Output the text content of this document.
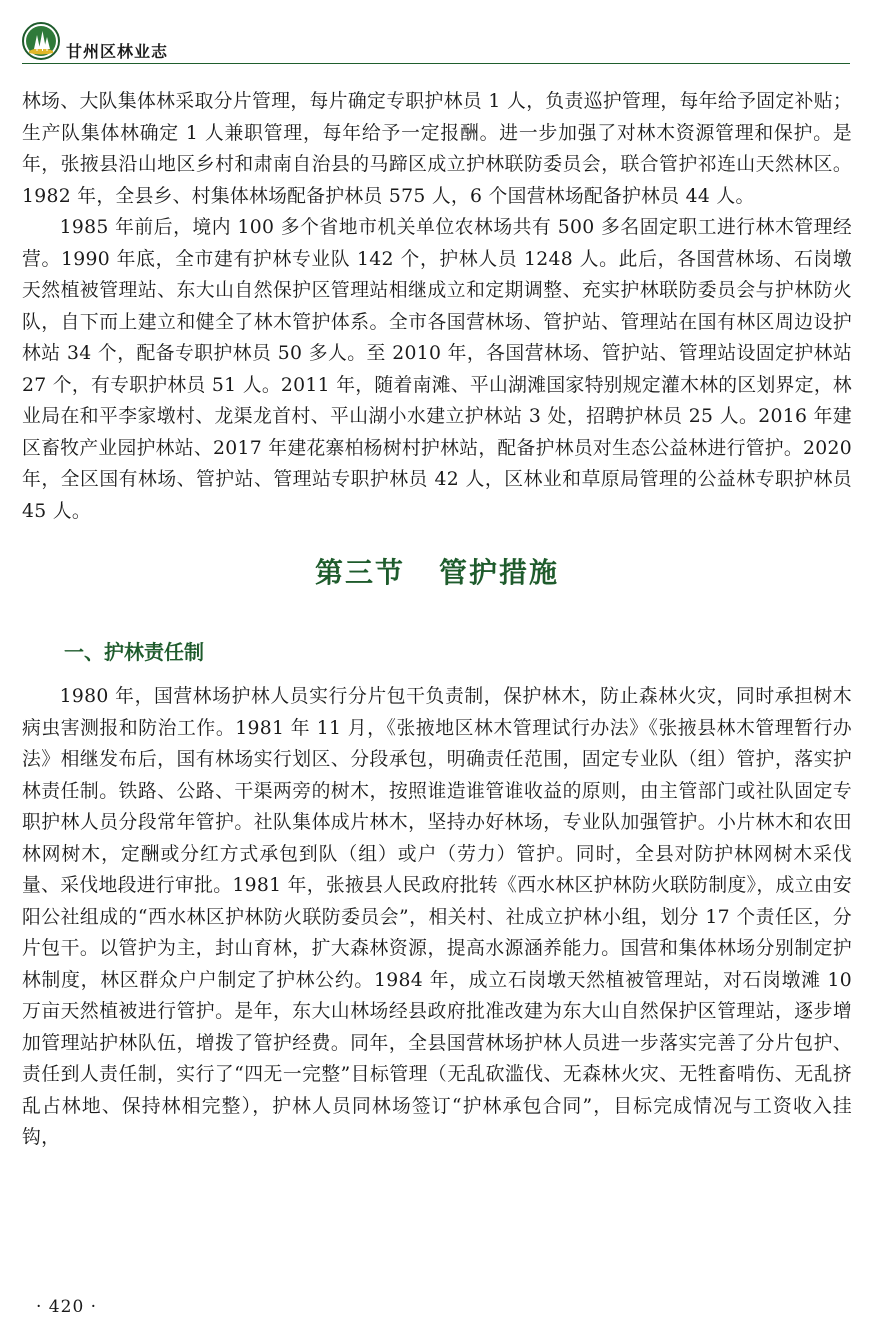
甘州区林业志

林场、大队集体林采取分片管理，每片确定专职护林员 1 人，负责巡护管理，每年给予固定补贴；生产队集体林确定 1 人兼职管理，每年给予一定报酬。进一步加强了对林木资源管理和保护。是年，张掖县沿山地区乡村和肃南自治县的马蹄区成立护林联防委员会，联合管护祁连山天然林区。1982 年，全县乡、村集体林场配备护林员 575 人，6 个国营林场配备护林员 44 人。

1985 年前后，境内 100 多个省地市机关单位农林场共有 500 多名固定职工进行林木管理经营。1990 年底，全市建有护林专业队 142 个，护林人员 1248 人。此后，各国营林场、石岗墩天然植被管理站、东大山自然保护区管理站相继成立和定期调整、充实护林联防委员会与护林防火队，自下而上建立和健全了林木管护体系。全市各国营林场、管护站、管理站在国有林区周边设护林站 34 个，配备专职护林员 50 多人。至 2010 年，各国营林场、管护站、管理站设固定护林站 27 个，有专职护林员 51 人。2011 年，随着南滩、平山湖滩国家特别规定灌木林的区划界定，林业局在和平李家墩村、龙渠龙首村、平山湖小水建立护林站 3 处，招聘护林员 25 人。2016 年建区畜牧产业园护林站、2017 年建花寨柏杨树村护林站，配备护林员对生态公益林进行管护。2020 年，全区国有林场、管护站、管理站专职护林员 42 人，区林业和草原局管理的公益林专职护林员 45 人。

第三节 管护措施
一、护林责任制

1980 年，国营林场护林人员实行分片包干负责制，保护林木，防止森林火灾，同时承担树木病虫害测报和防治工作。1981 年 11 月，《张掖地区林木管理试行办法》《张掖县林木管理暂行办法》相继发布后，国有林场实行划区、分段承包，明确责任范围，固定专业队（组）管护，落实护林责任制。铁路、公路、干渠两旁的树木，按照谁造谁管谁收益的原则，由主管部门或社队固定专职护林人员分段常年管护。社队集体成片林木，坚持办好林场，专业队加强管护。小片林木和农田林网树木，定酬或分红方式承包到队（组）或户（劳力）管护。同时，全县对防护林网树木采伐量、采伐地段进行审批。1981 年，张掖县人民政府批转《西水林区护林防火联防制度》，成立由安阳公社组成的“西水林区护林防火联防委员会”，相关村、社成立护林小组，划分 17 个责任区，分片包干。以管护为主，封山育林，扩大森林资源，提高水源涵养能力。国营和集体林场分别制定护林制度，林区群众户户制定了护林公约。1984 年，成立石岗墩天然植被管理站，对石岗墩滩 10 万亩天然植被进行管护。是年，东大山林场经县政府批准改建为东大山自然保护区管理站，逐步增加管理站护林队伍，增拨了管护经费。同年，全县国营林场护林人员进一步落实完善了分片包护、责任到人责任制，实行了“四无一完整”目标管理（无乱砍滥伐、无森林火灾、无牲畜啃伤、无乱挤乱占林地、保持林相完整），护林人员同林场签订“护林承包合同”，目标完成情况与工资收入挂钩，

· 420 ·
